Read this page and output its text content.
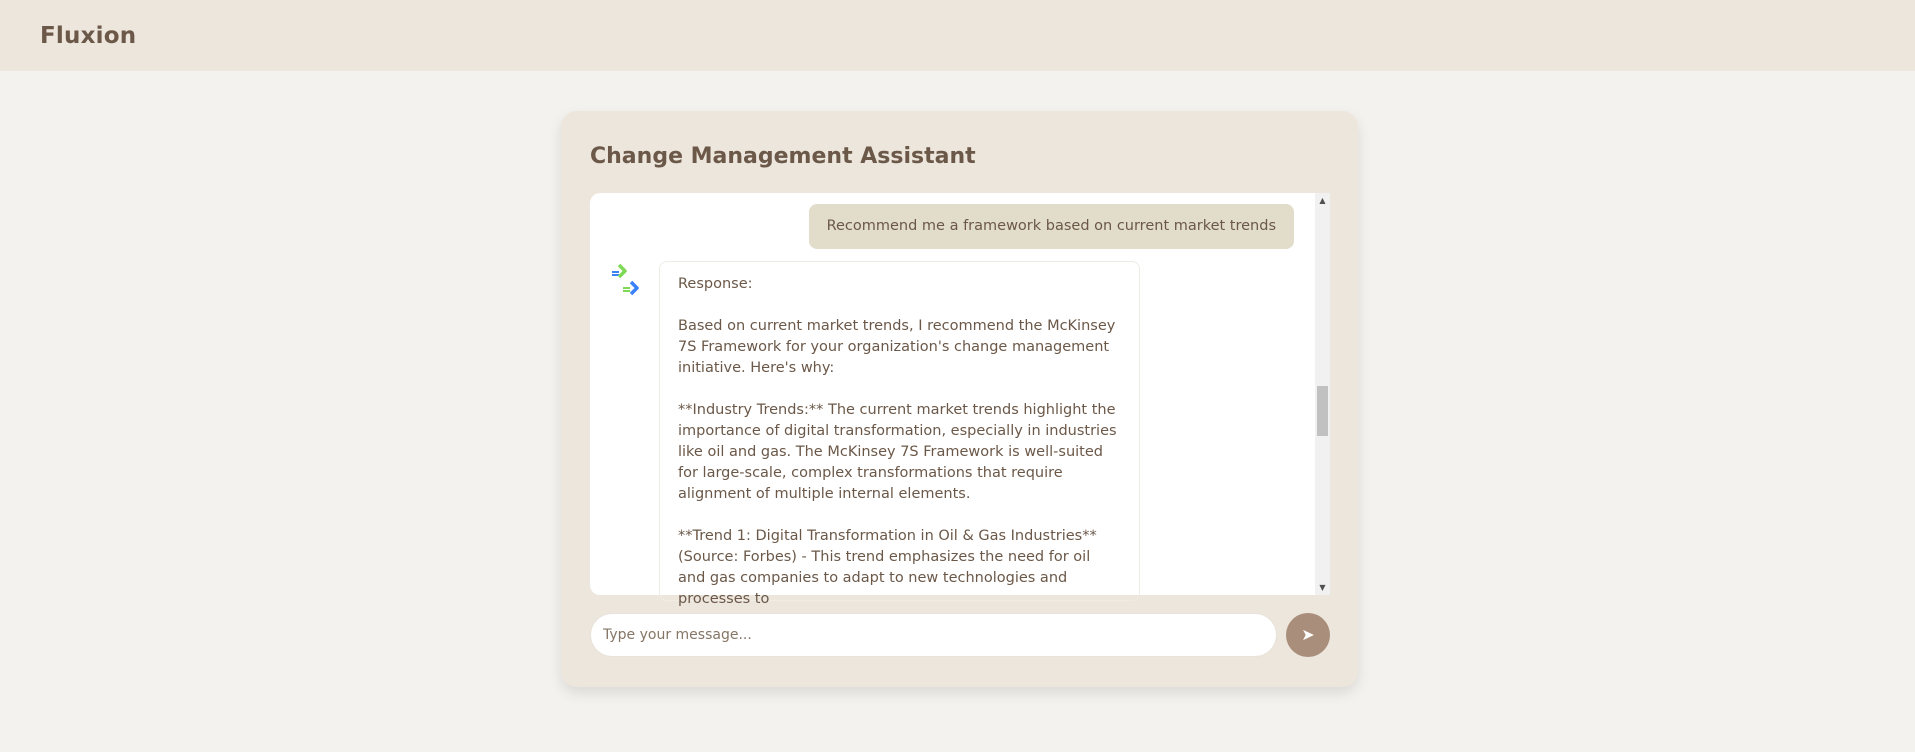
Fluxion
Change Management Assistant
Recommend me a framework based on current market trends
Response:

Based on current market trends, I recommend the McKinsey 7S Framework for your organization's change management initiative. Here's why:

**Industry Trends:** The current market trends highlight the importance of digital transformation, especially in industries like oil and gas. The McKinsey 7S Framework is well-suited for large-scale, complex transformations that require alignment of multiple internal elements.

**Trend 1: Digital Transformation in Oil & Gas Industries** (Source: Forbes) - This trend emphasizes the need for oil and gas companies to adapt to new technologies and processes to
▲
▼
Type your message...
➤
